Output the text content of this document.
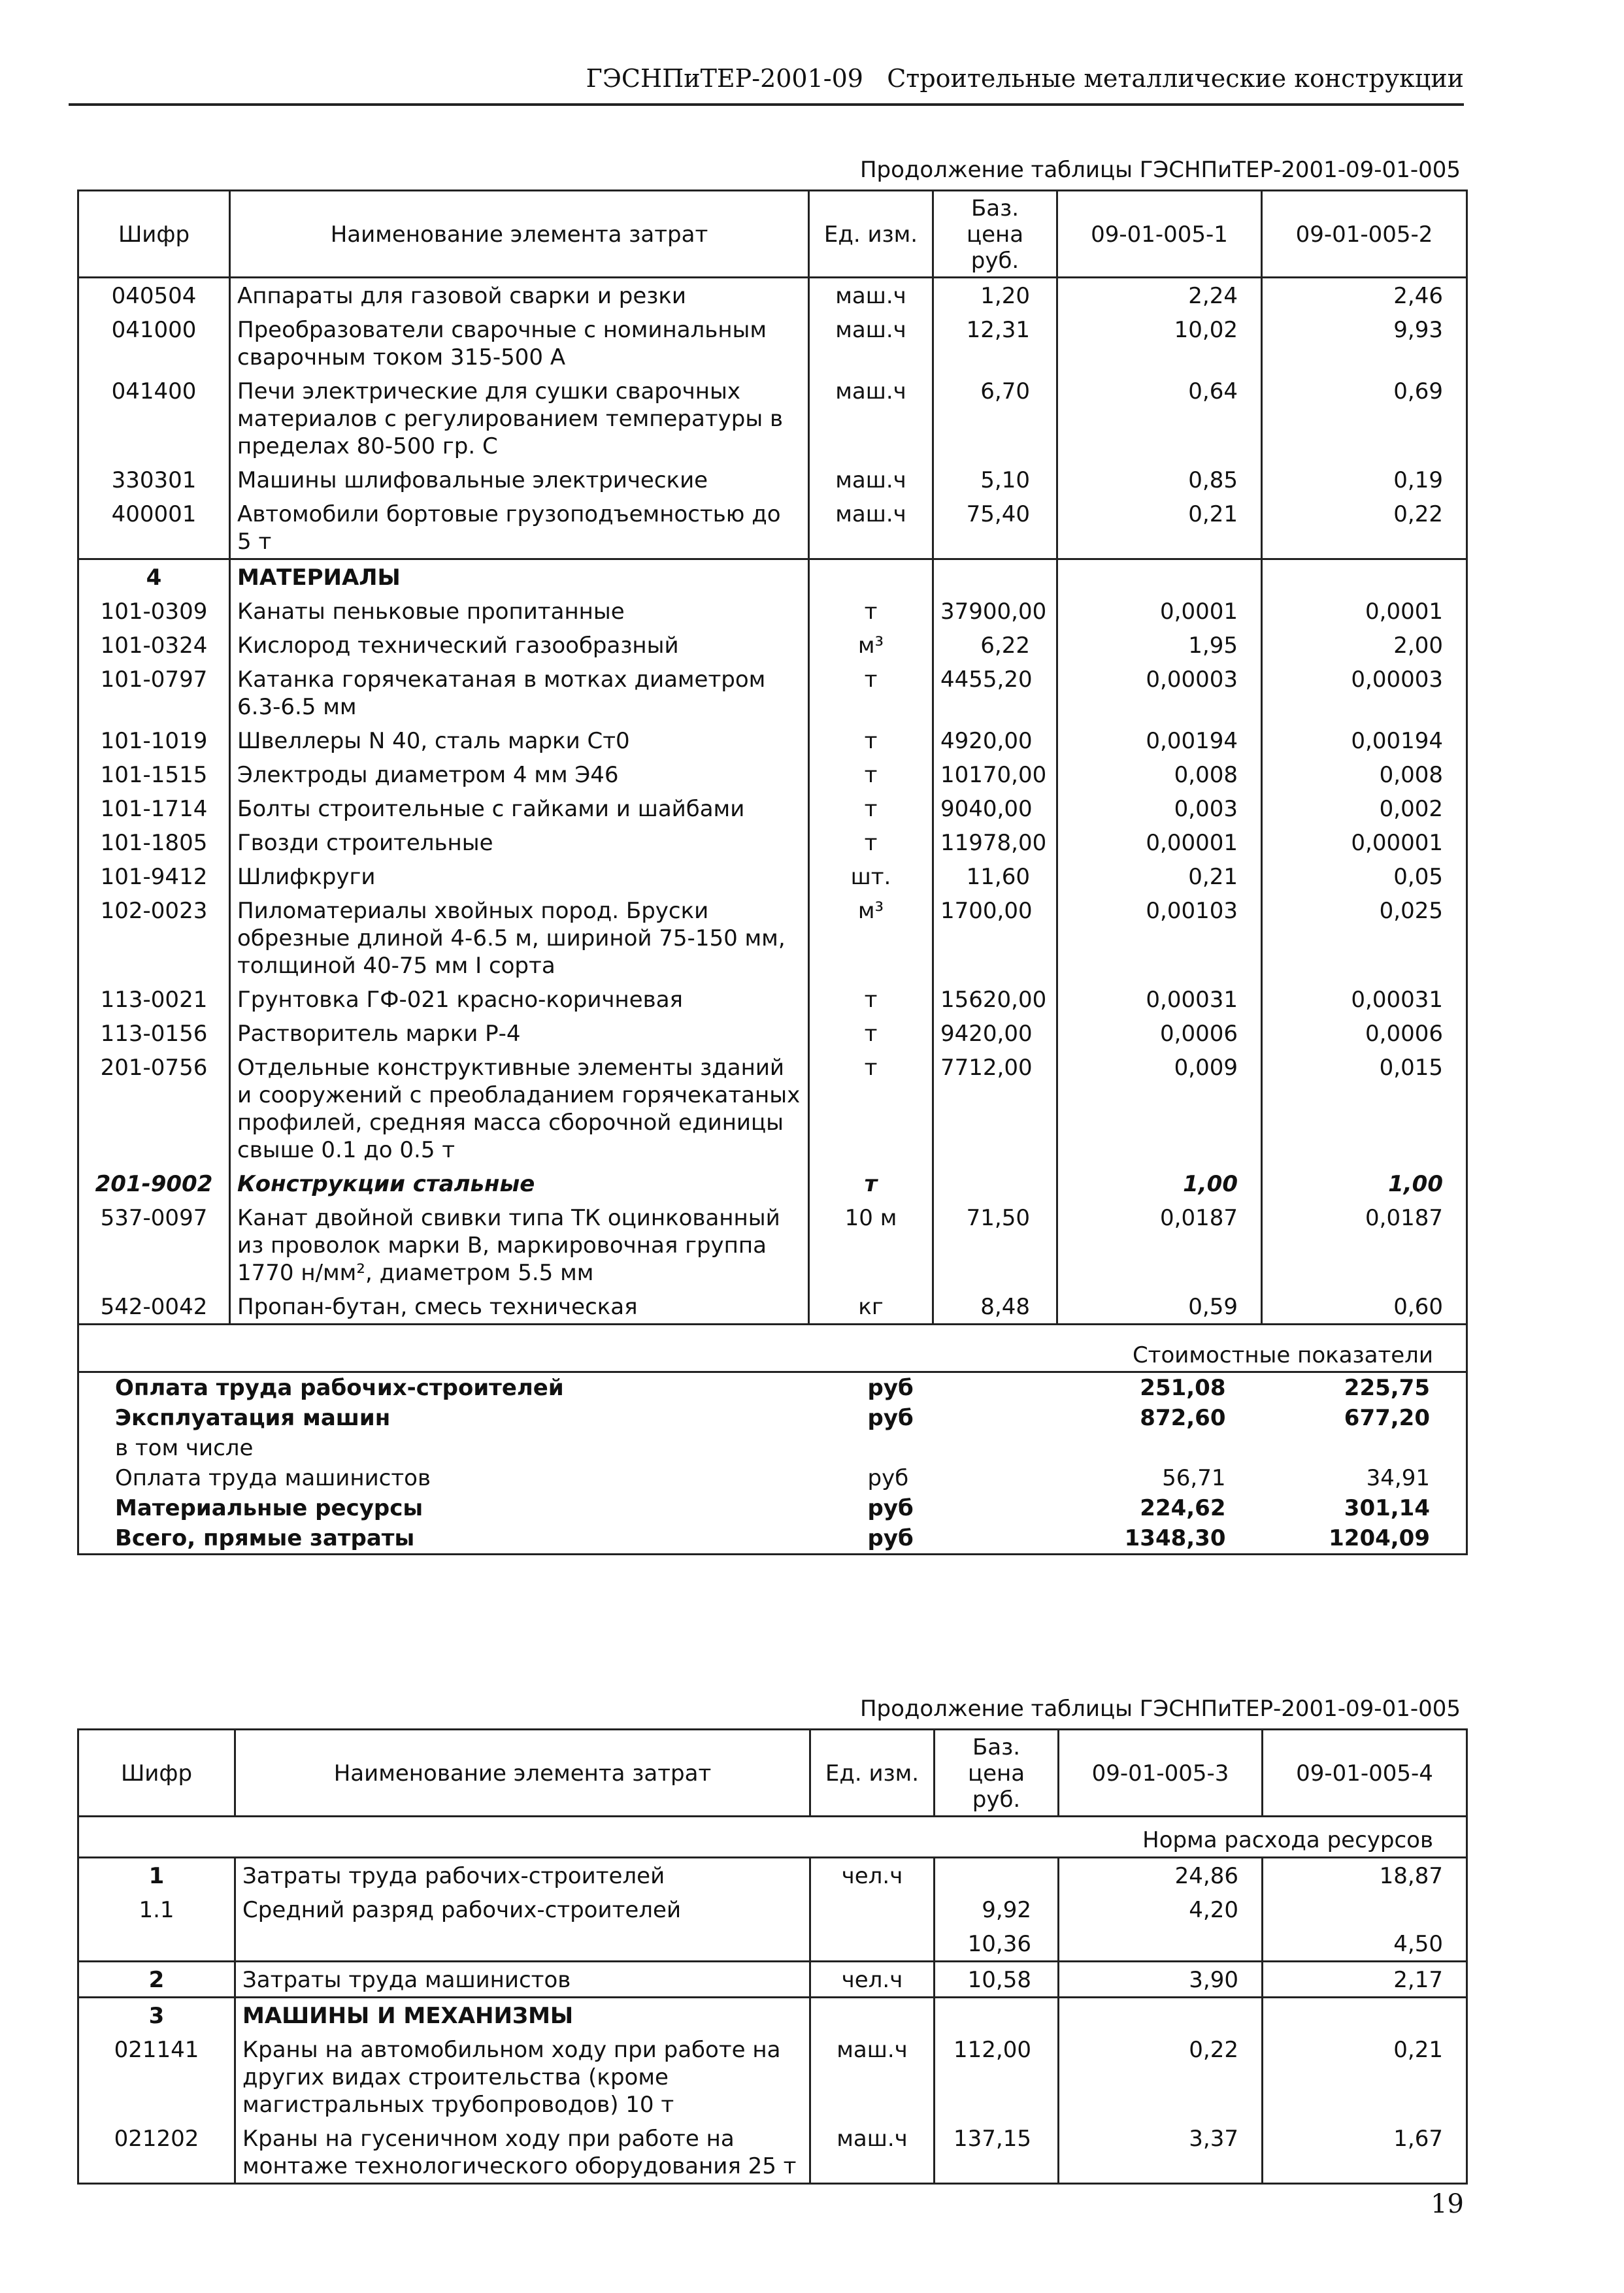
ГЭСНПиТЕР-2001-09 Строительные металлические конструкции
Продолжение таблицы ГЭСНПиТЕР-2001-09-01-005
Шифр	Наименование элемента затрат	Ед. изм.	Баз. цена руб.	09-01-005-1	09-01-005-2
040504	Аппараты для газовой сварки и резки	маш.ч	1,20	2,24	2,46
041000	Преобразователи сварочные с номинальным сварочным током 315-500 А	маш.ч	12,31	10,02	9,93
041400	Печи электрические для сушки сварочных материалов с регулированием температуры в пределах 80-500 гр. С	маш.ч	6,70	0,64	0,69
330301	Машины шлифовальные электрические	маш.ч	5,10	0,85	0,19
400001	Автомобили бортовые грузоподъемностью до 5 т	маш.ч	75,40	0,21	0,22
4	МАТЕРИАЛЫ				
101-0309	Канаты пеньковые пропитанные	т	37900,00	0,0001	0,0001
101-0324	Кислород технический газообразный	м³	6,22	1,95	2,00
101-0797	Катанка горячекатаная в мотках диаметром 6.3-6.5 мм	т	4455,20	0,00003	0,00003
101-1019	Швеллеры N 40, сталь марки Ст0	т	4920,00	0,00194	0,00194
101-1515	Электроды диаметром 4 мм Э46	т	10170,00	0,008	0,008
101-1714	Болты строительные с гайками и шайбами	т	9040,00	0,003	0,002
101-1805	Гвозди строительные	т	11978,00	0,00001	0,00001
101-9412	Шлифкруги	шт.	11,60	0,21	0,05
102-0023	Пиломатериалы хвойных пород. Бруски обрезные длиной 4-6.5 м, шириной 75-150 мм, толщиной 40-75 мм I сорта	м³	1700,00	0,00103	0,025
113-0021	Грунтовка ГФ-021 красно-коричневая	т	15620,00	0,00031	0,00031
113-0156	Растворитель марки Р-4	т	9420,00	0,0006	0,0006
201-0756	Отдельные конструктивные элементы зданий и сооружений с преобладанием горячекатаных профилей, средняя масса сборочной единицы свыше 0.1 до 0.5 т	т	7712,00	0,009	0,015
201-9002	Конструкции стальные	т		1,00	1,00
537-0097	Канат двойной свивки типа ТК оцинкованный из проволок марки В, маркировочная группа 1770 н/мм², диаметром 5.5 мм	10 м	71,50	0,0187	0,0187
542-0042	Пропан-бутан, смесь техническая	кг	8,48	0,59	0,60
Стоимостные показатели					
Оплата труда рабочих-строителей		руб		251,08	225,75
Эксплуатация машин		руб		872,60	677,20
в том числе					
Оплата труда машинистов		руб		56,71	34,91
Материальные ресурсы		руб		224,62	301,14
Всего, прямые затраты		руб		1348,30	1204,09
Продолжение таблицы ГЭСНПиТЕР-2001-09-01-005
Шифр	Наименование элемента затрат	Ед. изм.	Баз. цена руб.	09-01-005-3	09-01-005-4
Норма расхода ресурсов					
1	Затраты труда рабочих-строителей	чел.ч		24,86	18,87
1.1	Средний разряд рабочих-строителей		9,92	4,20	
			10,36		4,50
2	Затраты труда машинистов	чел.ч	10,58	3,90	2,17
3	МАШИНЫ И МЕХАНИЗМЫ				
021141	Краны на автомобильном ходу при работе на других видах строительства (кроме магистральных трубопроводов) 10 т	маш.ч	112,00	0,22	0,21
021202	Краны на гусеничном ходу при работе на монтаже технологического оборудования 25 т	маш.ч	137,15	3,37	1,67
19
